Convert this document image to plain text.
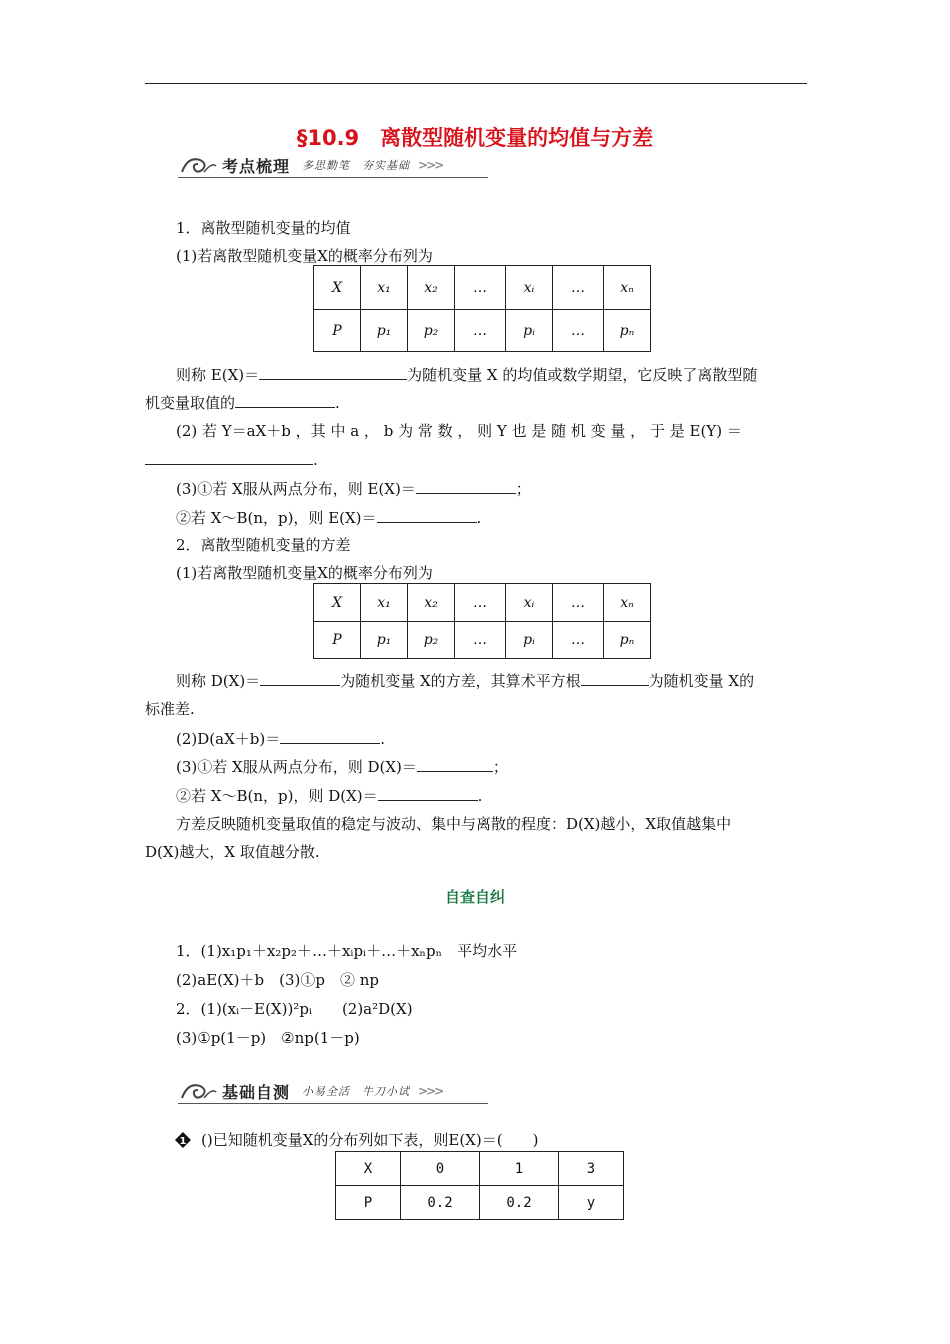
§10.9　离散型随机变量的均值与方差
考点梳理 多思勤笔　夯实基础 >>>
1．离散型随机变量的均值
(1)若离散型随机变量X的概率分布列为
X	x₁	x₂	…	xᵢ	…	xₙ
P	p₁	p₂	…	pᵢ	…	pₙ
则称 E(X)＝	为随机变量 X 的均值或数学期望，它反映了离散型随
机变量取值的	.
(2) 若 Y＝aX＋b ，其 中 a ， b 为 常 数 ， 则 Y 也 是 随 机 变 量 ， 于 是 E(Y) ＝
.
(3)①若 X服从两点分布，则 E(X)＝	；
②若 X～B(n，p)，则 E(X)＝	.
2．离散型随机变量的方差
(1)若离散型随机变量X的概率分布列为
X	x₁	x₂	…	xᵢ	…	xₙ
P	p₁	p₂	…	pᵢ	…	pₙ
则称 D(X)＝	为随机变量 X的方差，其算术平方根	为随机变量 X的
标准差.
(2)D(aX＋b)＝	.
(3)①若 X服从两点分布，则 D(X)＝	；
②若 X～B(n，p)，则 D(X)＝	.
方差反映随机变量取值的稳定与波动、集中与离散的程度：D(X)越小，X取值越集中
D(X)越大，X 取值越分散.
自查自纠
1．(1)x₁p₁＋x₂p₂＋…＋xᵢpᵢ＋…＋xₙpₙ　平均水平
(2)aE(X)＋b　(3)①p　② np
2．(1)(xᵢ－E(X))²pᵢ　　(2)a²D(X)
(3)①p(1－p)　②np(1－p)
基础自测 小易全活　牛刀小试 >>>
1 ()已知随机变量X的分布列如下表，则E(X)＝(　　)
X	0	1	3
P	0.2	0.2	y
